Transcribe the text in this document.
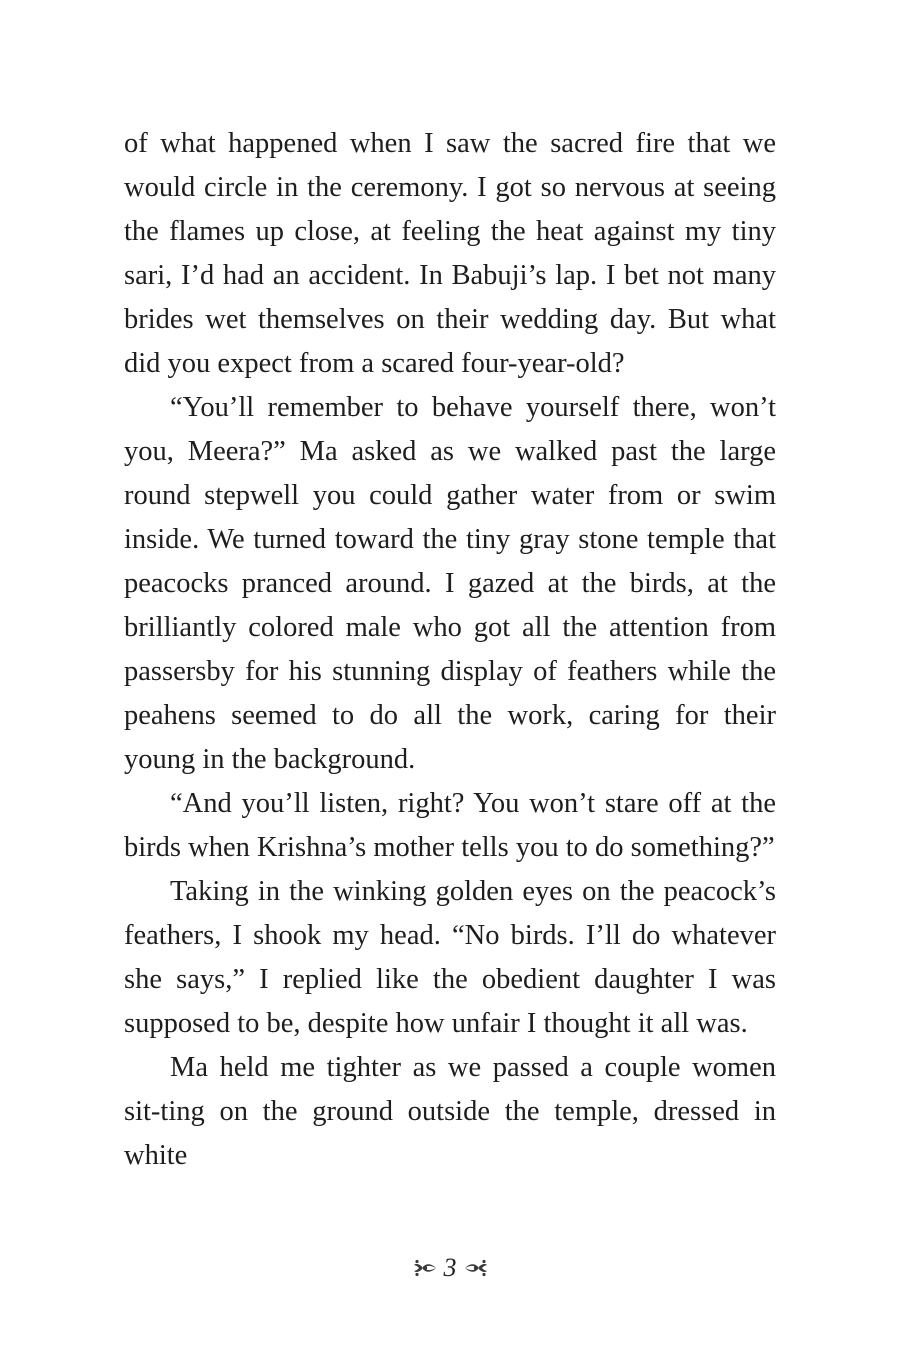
of what happened when I saw the sacred fire that we would circle in the ceremony. I got so nervous at seeing the flames up close, at feeling the heat against my tiny sari, I’d had an accident. In Babuji’s lap. I bet not many brides wet themselves on their wedding day. But what did you expect from a scared four-year-old?

“You’ll remember to behave yourself there, won’t you, Meera?” Ma asked as we walked past the large round stepwell you could gather water from or swim inside. We turned toward the tiny gray stone temple that peacocks pranced around. I gazed at the birds, at the brilliantly colored male who got all the attention from passersby for his stunning display of feathers while the peahens seemed to do all the work, caring for their young in the background.

“And you’ll listen, right? You won’t stare off at the birds when Krishna’s mother tells you to do something?”

Taking in the winking golden eyes on the peacock’s feathers, I shook my head. “No birds. I’ll do whatever she says,” I replied like the obedient daughter I was supposed to be, despite how unfair I thought it all was.

Ma held me tighter as we passed a couple women sit-ting on the ground outside the temple, dressed in white

3
